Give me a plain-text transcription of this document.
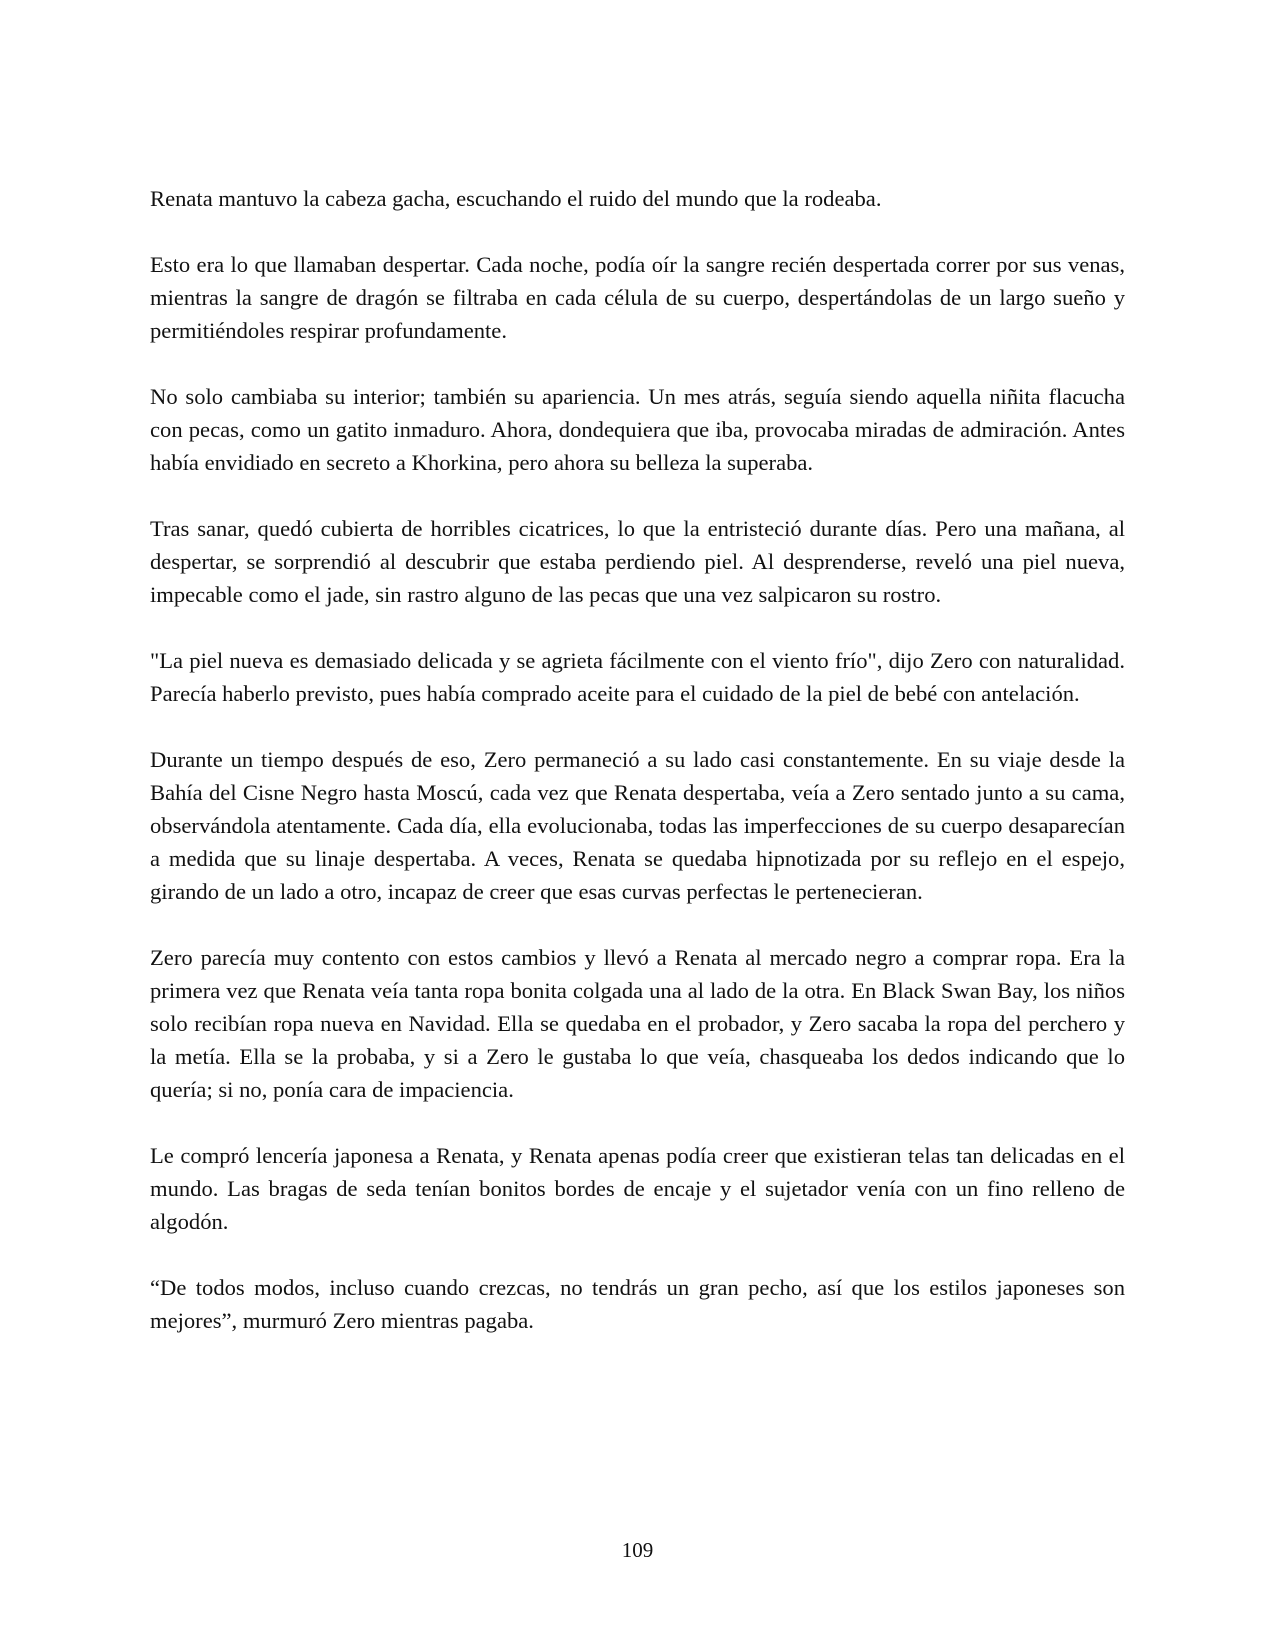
Renata mantuvo la cabeza gacha, escuchando el ruido del mundo que la rodeaba.

Esto era lo que llamaban despertar. Cada noche, podía oír la sangre recién despertada correr por sus venas, mientras la sangre de dragón se filtraba en cada célula de su cuerpo, despertándolas de un largo sueño y permitiéndoles respirar profundamente.

No solo cambiaba su interior; también su apariencia. Un mes atrás, seguía siendo aquella niñita flacucha con pecas, como un gatito inmaduro. Ahora, dondequiera que iba, provocaba miradas de admiración. Antes había envidiado en secreto a Khorkina, pero ahora su belleza la superaba.

Tras sanar, quedó cubierta de horribles cicatrices, lo que la entristeció durante días. Pero una mañana, al despertar, se sorprendió al descubrir que estaba perdiendo piel. Al desprenderse, reveló una piel nueva, impecable como el jade, sin rastro alguno de las pecas que una vez salpicaron su rostro.

"La piel nueva es demasiado delicada y se agrieta fácilmente con el viento frío", dijo Zero con naturalidad. Parecía haberlo previsto, pues había comprado aceite para el cuidado de la piel de bebé con antelación.

Durante un tiempo después de eso, Zero permaneció a su lado casi constantemente. En su viaje desde la Bahía del Cisne Negro hasta Moscú, cada vez que Renata despertaba, veía a Zero sentado junto a su cama, observándola atentamente. Cada día, ella evolucionaba, todas las imperfecciones de su cuerpo desaparecían a medida que su linaje despertaba. A veces, Renata se quedaba hipnotizada por su reflejo en el espejo, girando de un lado a otro, incapaz de creer que esas curvas perfectas le pertenecieran.

Zero parecía muy contento con estos cambios y llevó a Renata al mercado negro a comprar ropa. Era la primera vez que Renata veía tanta ropa bonita colgada una al lado de la otra. En Black Swan Bay, los niños solo recibían ropa nueva en Navidad. Ella se quedaba en el probador, y Zero sacaba la ropa del perchero y la metía. Ella se la probaba, y si a Zero le gustaba lo que veía, chasqueaba los dedos indicando que lo quería; si no, ponía cara de impaciencia.

Le compró lencería japonesa a Renata, y Renata apenas podía creer que existieran telas tan delicadas en el mundo. Las bragas de seda tenían bonitos bordes de encaje y el sujetador venía con un fino relleno de algodón.

“De todos modos, incluso cuando crezcas, no tendrás un gran pecho, así que los estilos japoneses son mejores”, murmuró Zero mientras pagaba.

109
